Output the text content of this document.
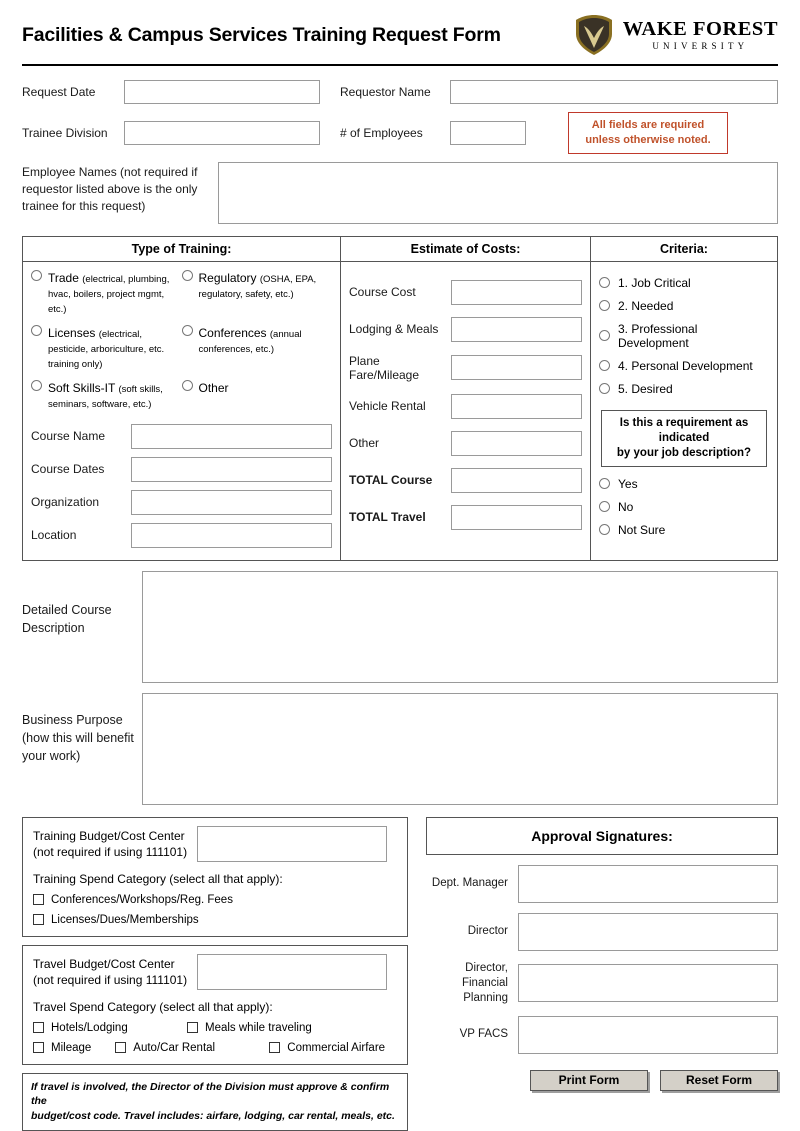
Facilities & Campus Services Training Request Form	WAKE FOREST
UNIVERSITY
Request Date	Requestor Name
Trainee Division	# of Employees
All fields are required
unless otherwise noted.
Employee Names (not required if requestor listed above is the only trainee for this request)
Type of Training:
Trade (electrical, plumbing, hvac, boilers, project mgmt, etc.)
Regulatory (OSHA, EPA, regulatory, safety, etc.)
Licenses (electrical, pesticide, arboriculture, etc. training only)
Conferences (annual conferences, etc.)
Soft Skills-IT (soft skills, seminars, software, etc.)
Other
Course Name
Course Dates
Organization
Location
Estimate of Costs:
Course Cost
Lodging & Meals
Plane Fare/Mileage
Vehicle Rental
Other
TOTAL Course
TOTAL Travel
Criteria:
1. Job Critical
2. Needed
3. Professional Development
4. Personal Development
5. Desired
Is this a requirement as indicated
by your job description?
Yes
No
Not Sure
Detailed Course Description
Business Purpose (how this will benefit your work)
Training Budget/Cost Center
(not required if using 111101)
Training Spend Category (select all that apply):
Conferences/Workshops/Reg. Fees
Licenses/Dues/Memberships
Travel Budget/Cost Center
(not required if using 111101)
Travel Spend Category (select all that apply):
Hotels/Lodging	Meals while traveling
Mileage	Auto/Car Rental	Commercial Airfare
If travel is involved, the Director of the Division must approve & confirm the
budget/cost code. Travel includes: airfare, lodging, car rental, meals, etc.
Approval Signatures:
Dept. Manager
Director
Director, Financial Planning
VP FACS
Print Form	Reset Form
